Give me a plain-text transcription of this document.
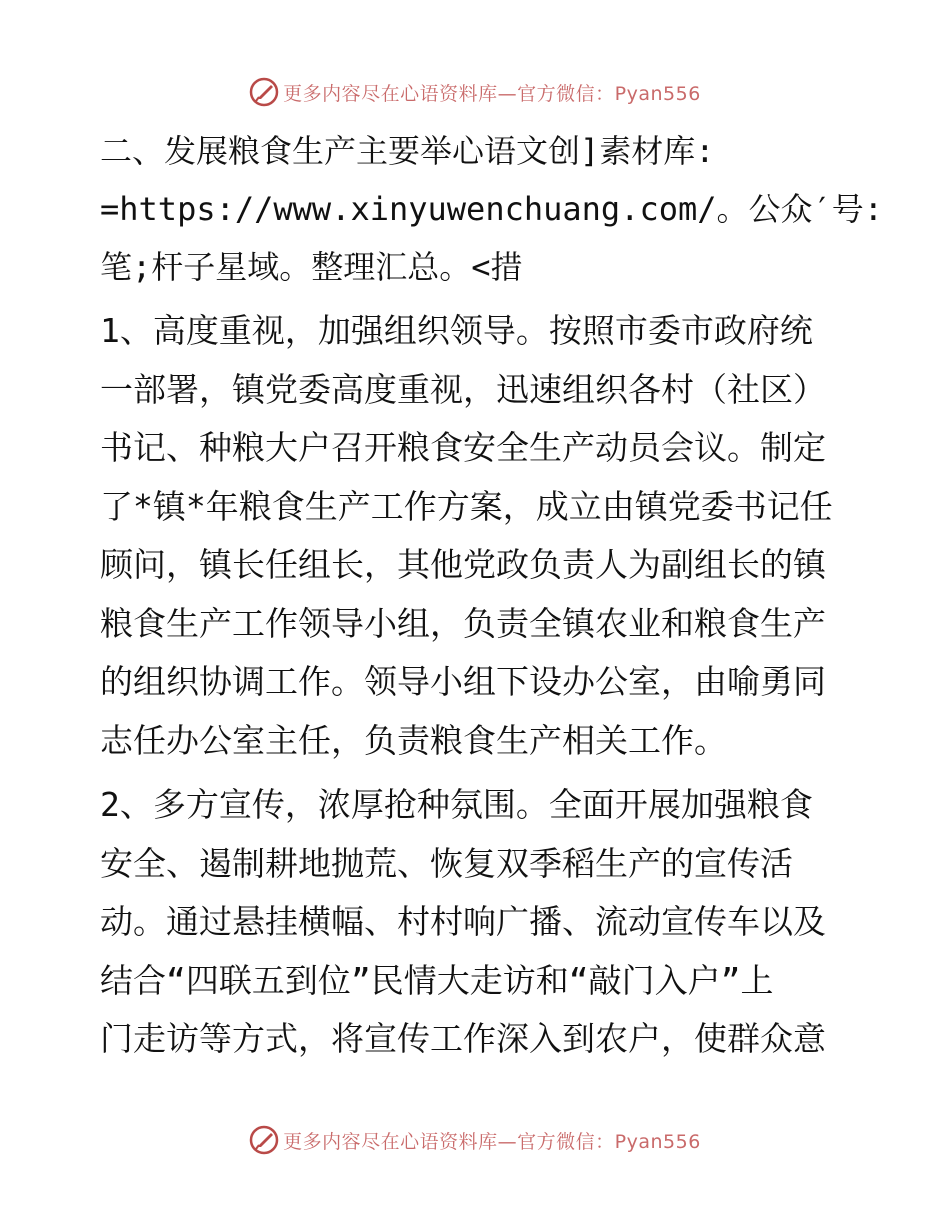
更多内容尽在心语资料库—官方微信：Pyan556
二、发展粮食生产主要举心语文创]素材库:
=https://www.xinyuwenchuang.com/。公众′号:
笔;杆子星域。整理汇总。<措
1、高度重视，加强组织领导。按照市委市政府统
一部署，镇党委高度重视，迅速组织各村（社区）
书记、种粮大户召开粮食安全生产动员会议。制定
了*镇*年粮食生产工作方案，成立由镇党委书记任
顾问，镇长任组长，其他党政负责人为副组长的镇
粮食生产工作领导小组，负责全镇农业和粮食生产
的组织协调工作。领导小组下设办公室，由喻勇同
志任办公室主任，负责粮食生产相关工作。
2、多方宣传，浓厚抢种氛围。全面开展加强粮食
安全、遏制耕地抛荒、恢复双季稻生产的宣传活
动。通过悬挂横幅、村村响广播、流动宣传车以及
结合“四联五到位”民情大走访和“敲门入户”上
门走访等方式，将宣传工作深入到农户，使群众意
更多内容尽在心语资料库—官方微信：Pyan556
